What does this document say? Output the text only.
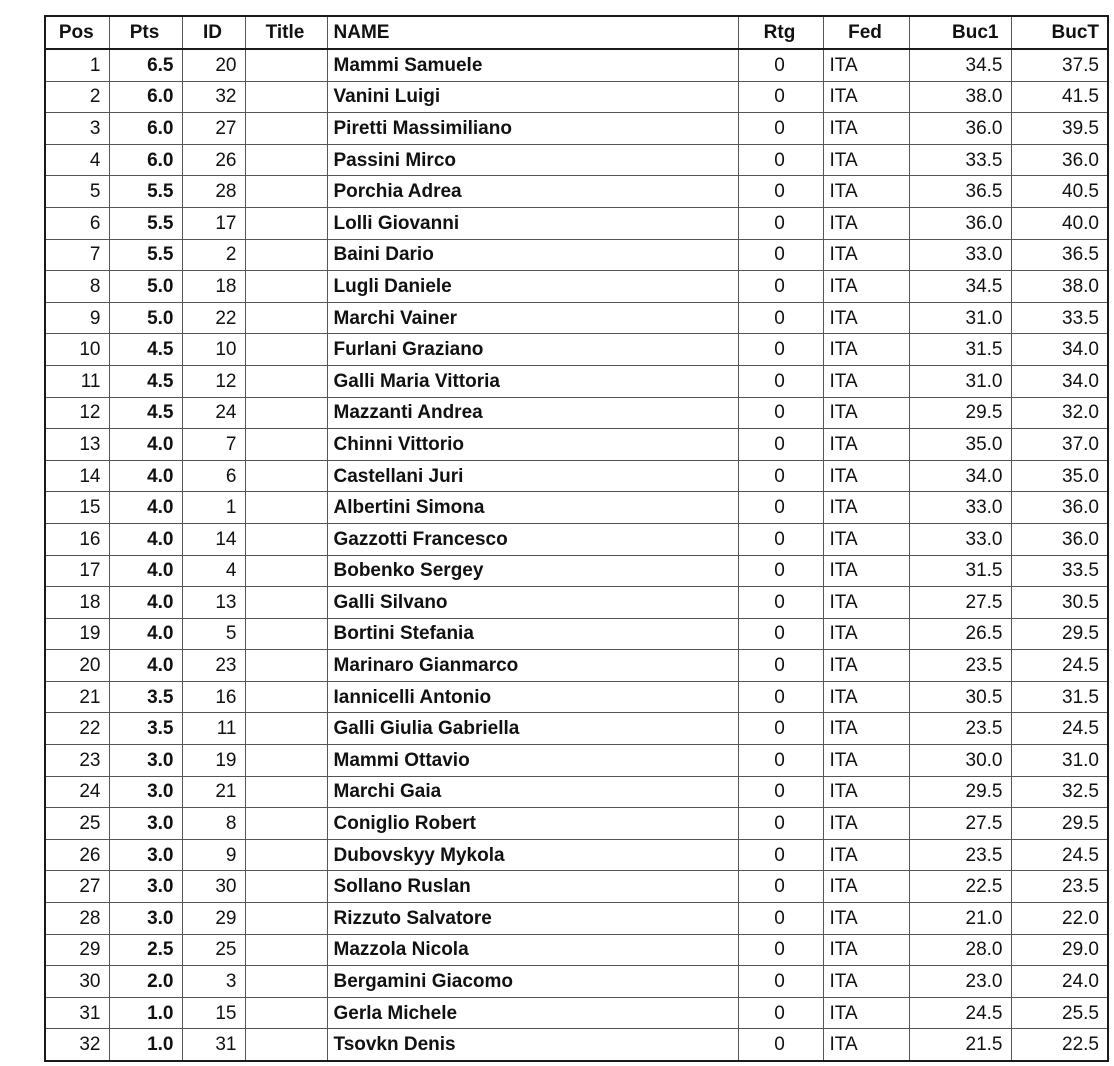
Pos	Pts	ID	Title	NAME	Rtg	Fed	Buc1	BucT
1	6.5	20		Mammi Samuele	0	ITA	34.5	37.5
2	6.0	32		Vanini Luigi	0	ITA	38.0	41.5
3	6.0	27		Piretti Massimiliano	0	ITA	36.0	39.5
4	6.0	26		Passini Mirco	0	ITA	33.5	36.0
5	5.5	28		Porchia Adrea	0	ITA	36.5	40.5
6	5.5	17		Lolli Giovanni	0	ITA	36.0	40.0
7	5.5	2		Baini Dario	0	ITA	33.0	36.5
8	5.0	18		Lugli Daniele	0	ITA	34.5	38.0
9	5.0	22		Marchi Vainer	0	ITA	31.0	33.5
10	4.5	10		Furlani Graziano	0	ITA	31.5	34.0
11	4.5	12		Galli Maria Vittoria	0	ITA	31.0	34.0
12	4.5	24		Mazzanti Andrea	0	ITA	29.5	32.0
13	4.0	7		Chinni Vittorio	0	ITA	35.0	37.0
14	4.0	6		Castellani Juri	0	ITA	34.0	35.0
15	4.0	1		Albertini Simona	0	ITA	33.0	36.0
16	4.0	14		Gazzotti Francesco	0	ITA	33.0	36.0
17	4.0	4		Bobenko Sergey	0	ITA	31.5	33.5
18	4.0	13		Galli Silvano	0	ITA	27.5	30.5
19	4.0	5		Bortini Stefania	0	ITA	26.5	29.5
20	4.0	23		Marinaro Gianmarco	0	ITA	23.5	24.5
21	3.5	16		Iannicelli Antonio	0	ITA	30.5	31.5
22	3.5	11		Galli Giulia Gabriella	0	ITA	23.5	24.5
23	3.0	19		Mammi Ottavio	0	ITA	30.0	31.0
24	3.0	21		Marchi Gaia	0	ITA	29.5	32.5
25	3.0	8		Coniglio Robert	0	ITA	27.5	29.5
26	3.0	9		Dubovskyy Mykola	0	ITA	23.5	24.5
27	3.0	30		Sollano Ruslan	0	ITA	22.5	23.5
28	3.0	29		Rizzuto Salvatore	0	ITA	21.0	22.0
29	2.5	25		Mazzola Nicola	0	ITA	28.0	29.0
30	2.0	3		Bergamini Giacomo	0	ITA	23.0	24.0
31	1.0	15		Gerla Michele	0	ITA	24.5	25.5
32	1.0	31		Tsovkn Denis	0	ITA	21.5	22.5
